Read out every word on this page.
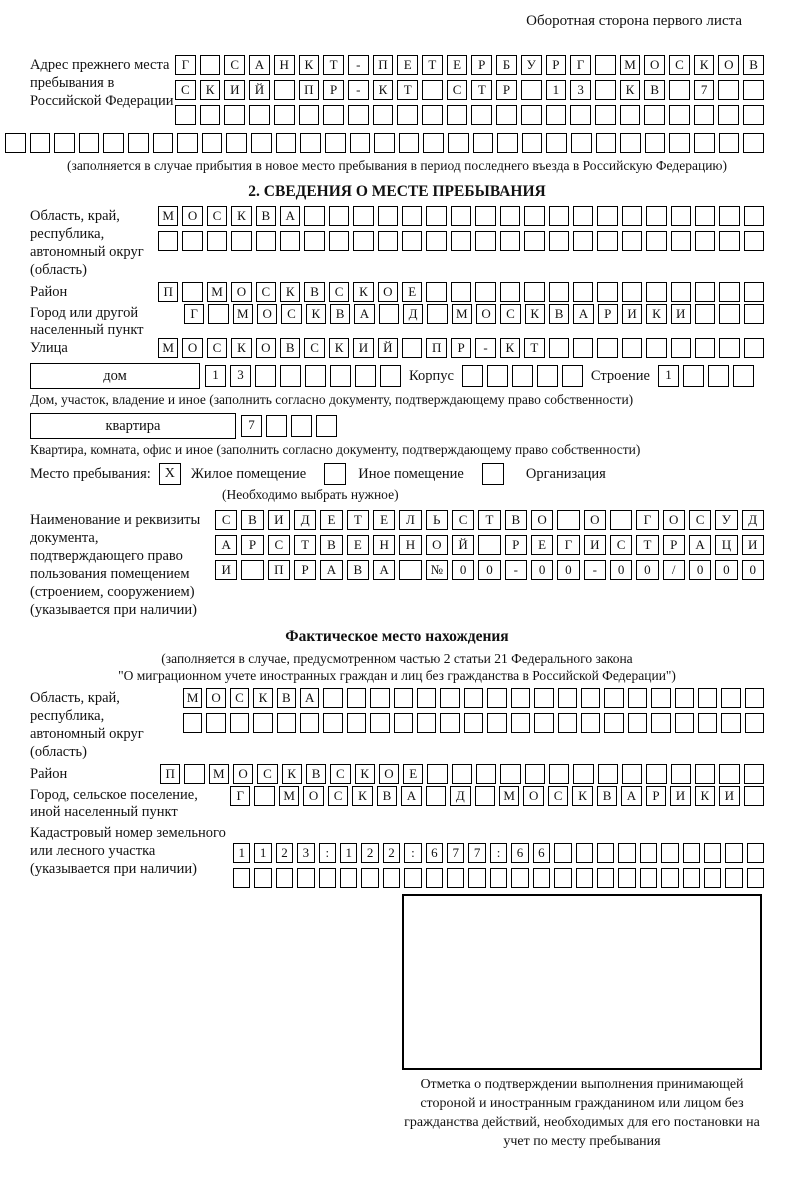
Оборотная сторона первого листа
Адрес прежнего места пребывания в Российской Федерации
Г	С	А	Н	К	Т	-	П	Е	Т	Е	Р	Б	У	Р	Г	М	О	С	К	О	В
С	К	И	Й	П	Р	-	К	Т	С	Т	Р	1	3	К	В	7
(заполняется в случае прибытия в новое место пребывания в период последнего въезда в Российскую Федерацию)
2. СВЕДЕНИЯ О МЕСТЕ ПРЕБЫВАНИЯ
Область, край, республика, автономный округ (область)
М	О	С	К	В	А
Район	П	М	О	С	К	В	С	К	О	Е
Город или другой населенный пункт
Г	М	О	С	К	В	А	Д	М	О	С	К	В	А	Р	И	К	И
Улица	М	О	С	К	О	В	С	К	И	Й	П	Р	-	К	Т
дом	1	3	Корпус	Строение	1
Дом, участок, владение и иное (заполнить согласно документу, подтверждающему право собственности)
квартира	7
Квартира, комната, офис и иное (заполнить согласно документу, подтверждающему право собственности)
Место пребывания: X	Жилое помещение	Иное помещение	Организация
(Необходимо выбрать нужное)
Наименование и реквизиты документа, подтверждающего право пользования помещением (строением, сооружением) (указывается при наличии)
С	В	И	Д	Е	Т	Е	Л	Ь	С	Т	В	О	О	Г	О	С	У	Д
А	Р	С	Т	В	Е	Н	Н	О	Й	Р	Е	Г	И	С	Т	Р	А	Ц	И
И	П	Р	А	В	А	№	0	0	-	0	0	-	0	0	/	0	0	0
Фактическое место нахождения
(заполняется в случае, предусмотренном частью 2 статьи 21 Федерального закона
"О миграционном учете иностранных граждан и лиц без гражданства в Российской Федерации")
Область, край, республика, автономный округ (область)
М О	С	К	В	А
Район	П	М	О	С	К	В	С	К	О	Е
Город, сельское поселение, иной населенный пункт
Г	М	О	С	К	В	А	Д	М	О	С	К	В	А	Р	И	К	И
Кадастровый номер земельного или лесного участка (указывается при наличии)
1	1	2	3	:	1	2	2	:	6	7	7	:	6	6
Отметка о подтверждении выполнения принимающей стороной и иностранным гражданином или лицом без гражданства действий, необходимых для его постановки на учет по месту пребывания
